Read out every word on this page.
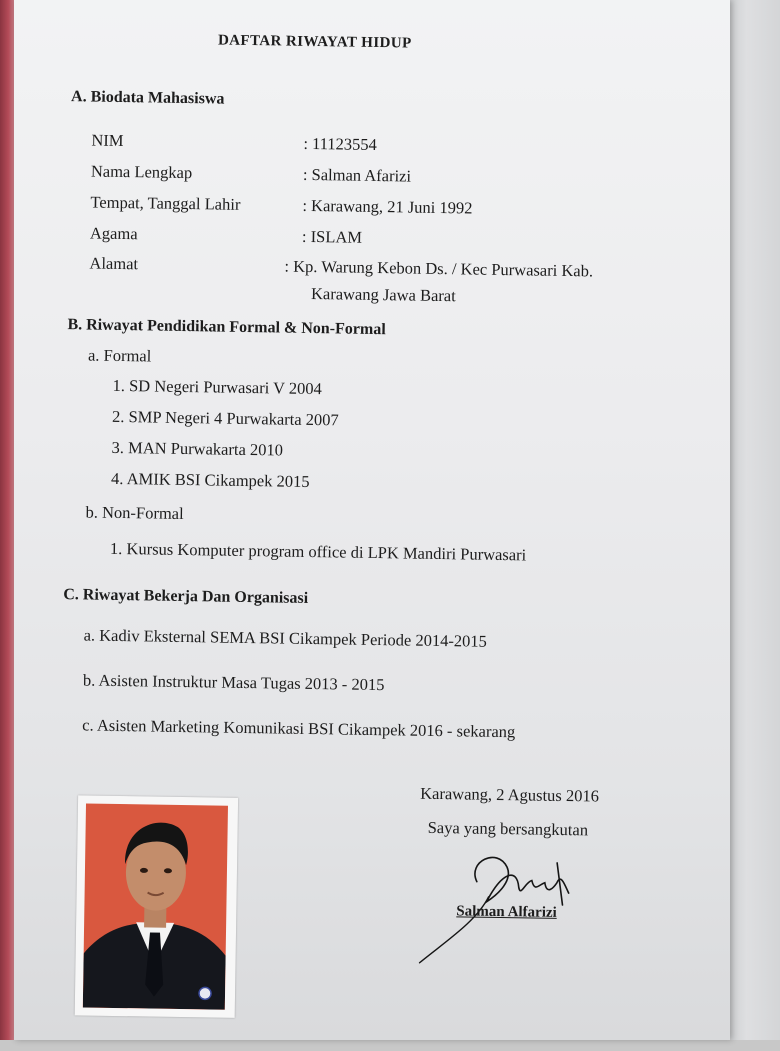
DAFTAR RIWAYAT HIDUP
A. Biodata Mahasiswa
NIM	: 11123554
Nama Lengkap	: Salman Afarizi
Tempat, Tanggal Lahir	: Karawang, 21 Juni 1992
Agama	: ISLAM
Alamat	: Kp. Warung Kebon Ds. / Kec Purwasari Kab.
Karawang Jawa Barat
B. Riwayat Pendidikan Formal & Non-Formal
a. Formal
1. SD Negeri Purwasari V 2004
2. SMP Negeri 4 Purwakarta 2007
3. MAN Purwakarta 2010
4. AMIK BSI Cikampek 2015
b. Non-Formal
1. Kursus Komputer program office di LPK Mandiri Purwasari
C. Riwayat Bekerja Dan Organisasi
a. Kadiv Eksternal SEMA BSI Cikampek Periode 2014-2015
b. Asisten Instruktur Masa Tugas 2013 - 2015
c. Asisten Marketing Komunikasi BSI Cikampek 2016 - sekarang
Karawang, 2 Agustus 2016
Saya yang bersangkutan
Salman Alfarizi
